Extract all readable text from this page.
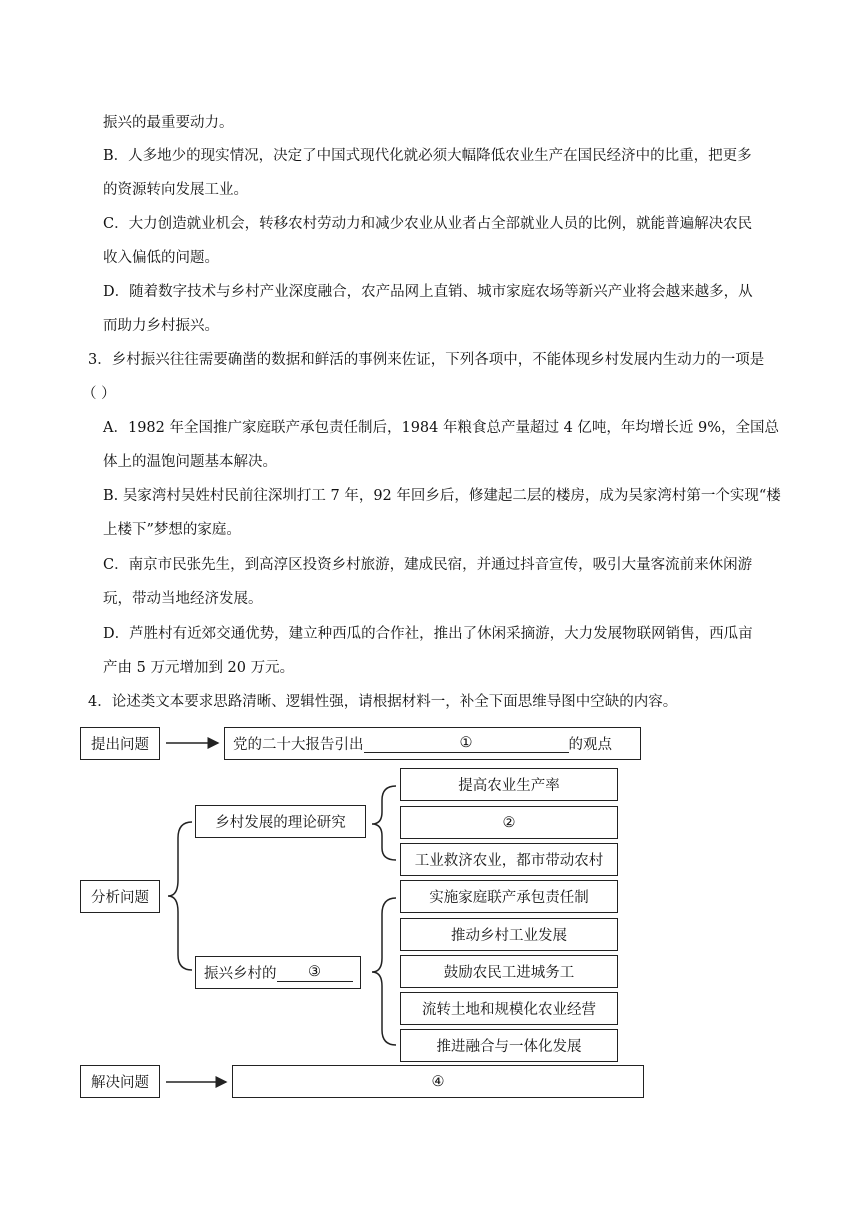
振兴的最重要动力。
B．人多地少的现实情况，决定了中国式现代化就必须大幅降低农业生产在国民经济中的比重，把更多
的资源转向发展工业。
C．大力创造就业机会，转移农村劳动力和减少农业从业者占全部就业人员的比例，就能普遍解决农民
收入偏低的问题。
D．随着数字技术与乡村产业深度融合，农产品网上直销、城市家庭农场等新兴产业将会越来越多，从
而助力乡村振兴。
3．乡村振兴往往需要确凿的数据和鲜活的事例来佐证，下列各项中，不能体现乡村发展内生动力的一项是
（ ）
A．1982 年全国推广家庭联产承包责任制后，1984 年粮食总产量超过 4 亿吨，年均增长近 9%，全国总
体上的温饱问题基本解决。
B. 吴家湾村吴姓村民前往深圳打工 7 年，92 年回乡后，修建起二层的楼房，成为吴家湾村第一个实现“楼
上楼下”梦想的家庭。
C．南京市民张先生，到高淳区投资乡村旅游，建成民宿，并通过抖音宣传，吸引大量客流前来休闲游
玩，带动当地经济发展。
D．芦胜村有近郊交通优势，建立种西瓜的合作社，推出了休闲采摘游，大力发展物联网销售，西瓜亩
产由 5 万元增加到 20 万元。
4．论述类文本要求思路清晰、逻辑性强，请根据材料一，补全下面思维导图中空缺的内容。
提出问题	党的二十大报告引出	①	的观点
乡村发展的理论研究
提高农业生产率
②
工业救济农业，都市带动农村
分析问题
振兴乡村的	③
实施家庭联产承包责任制
推动乡村工业发展
鼓励农民工进城务工
流转土地和规模化农业经营
推进融合与一体化发展
解决问题	④
